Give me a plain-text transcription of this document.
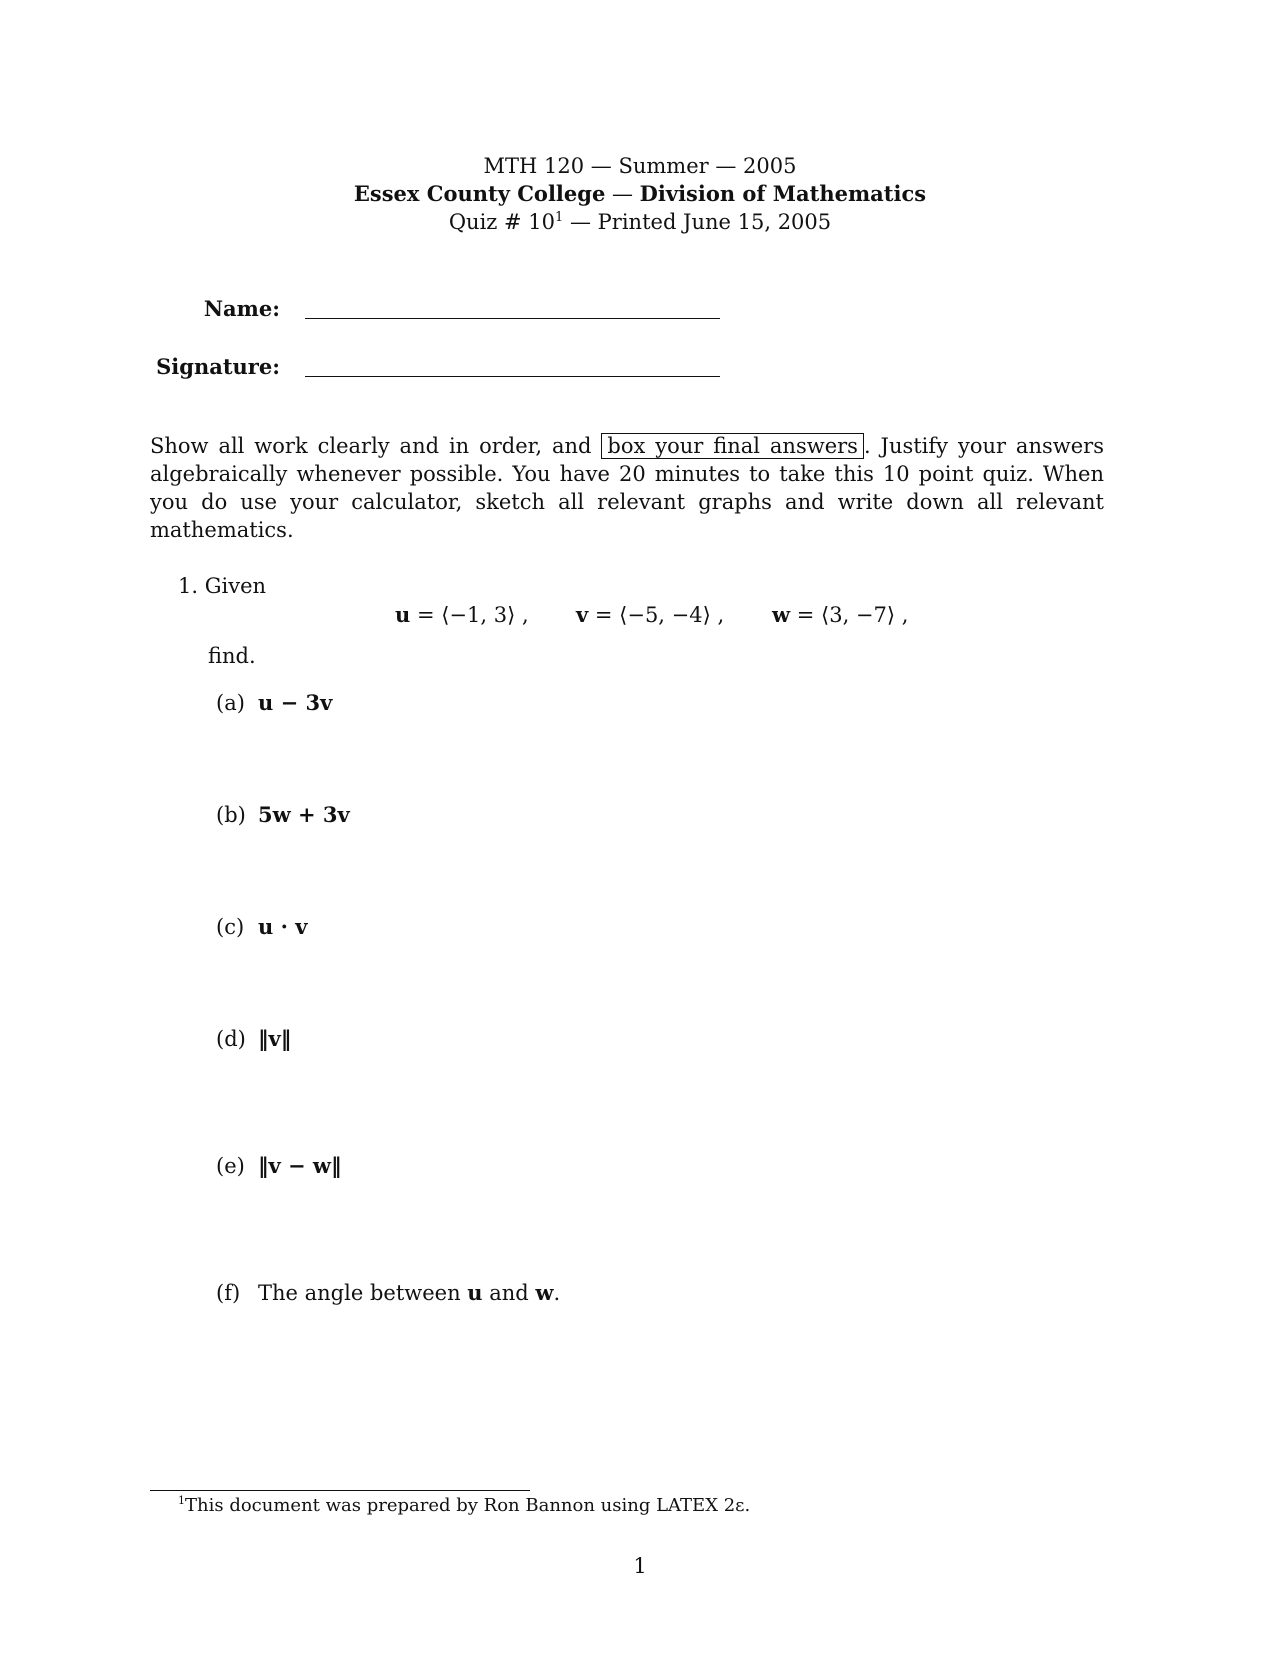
MTH 120 — Summer — 2005
Essex County College — Division of Mathematics
Quiz # $10^1$ — Printed June 15, 2005
Name:
Signature:
Show all work clearly and in order, and box your final answers . Justify your answers algebraically whenever possible. You have 20 minutes to take this 10 point quiz. When you do use your calculator, sketch all relevant graphs and write down all relevant mathematics.
1. Given
u = ⟨−1, 3⟩ , v = ⟨−5, −4⟩ , w = ⟨3, −7⟩ ,
find.
(a) u − 3v
(b) 5w + 3v
(c) u · v
(d) ‖v‖
(e) ‖v − w‖
(f) The angle between u and w.
$^1$This document was prepared by Ron Bannon using LATEX 2ε.
1
